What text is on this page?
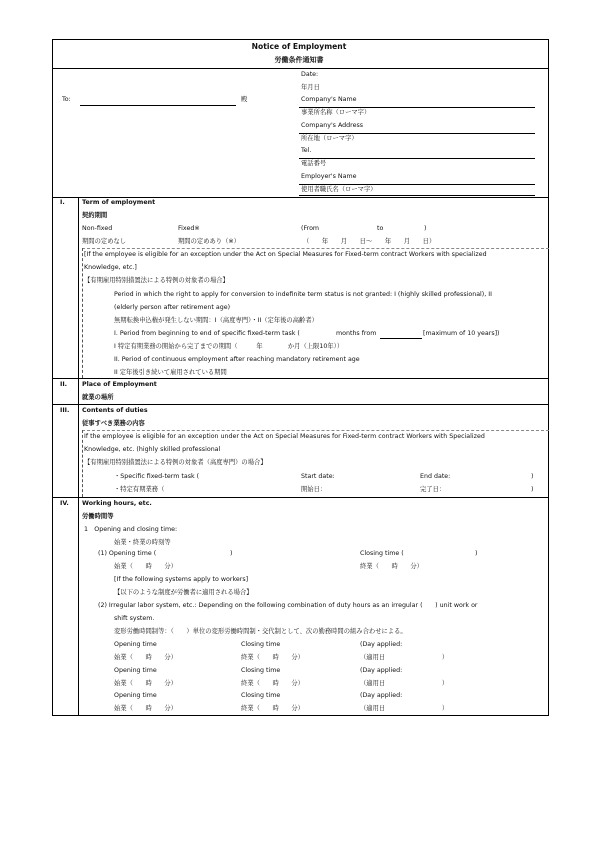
Notice of Employment
労働条件通知書
To:	殿
Date:
年月日
Company's Name
事業所名称（ローマ字）
Company's Address
所在地（ローマ字）
Tel.
電話番号
Employer's Name
使用者職氏名（ローマ字）
I.	Term of employment
契約期間
Non-fixed	Fixed※	(From	to	)
期間の定めなし	期間の定めあり（※）	（　　年　　月　　日～　　年　　月　　日）
[If the employee is eligible for an exception under the Act on Special Measures for Fixed-term contract Workers with specialized
Knowledge, etc.]
【有期雇用特別措置法による特例の対象者の場合】
Period in which the right to apply for conversion to indefinite term status is not granted: I (highly skilled professional), II
(elderly person after retirement age)
無期転換申込権が発生しない期間：I（高度専門）・II（定年後の高齢者）
I. Period from beginning to end of specific fixed-term task (	months from	[maximum of 10 years])
I 特定有期業務の開始から完了までの期間（　　　年　　　　か月（上限10年））
II. Period of continuous employment after reaching mandatory retirement age
II 定年後引き続いて雇用されている期間
II. Place of Employment
就業の場所
III. Contents of duties
従事すべき業務の内容
If the employee is eligible for an exception under the Act on Special Measures for Fixed-term contract Workers with Specialized
Knowledge, etc. (highly skilled professional
【有期雇用特別措置法による特例の対象者（高度専門）の場合】
・Specific fixed-term task (	Start date:	End date:	)
・特定有期業務（	開始日：	完了日：	)
IV. Working hours, etc.
労働時間等
1　Opening and closing time:
始業・終業の時刻等
(1) Opening time (	)	Closing time (	)
始業（　　時　　分）	終業（　　時　　分）
[If the following systems apply to workers]
【以下のような制度が労働者に適用される場合】
(2) Irregular labor system, etc.: Depending on the following combination of duty hours as an irregular (　　) unit work or
shift system.
変形労働時間制等：（　　）単位の変形労働時間制・交代制として、次の勤務時間の組み合わせによる。
Opening time	Closing time	(Day applied:
始業（　　時　　分）	終業（　　時　　分）	（適用日　　　　　　　　　）
Opening time	Closing time	(Day applied:
始業（　　時　　分）	終業（　　時　　分）	（適用日　　　　　　　　　）
Opening time	Closing time	(Day applied:
始業（　　時　　分）	終業（　　時　　分）	（適用日　　　　　　　　　）
